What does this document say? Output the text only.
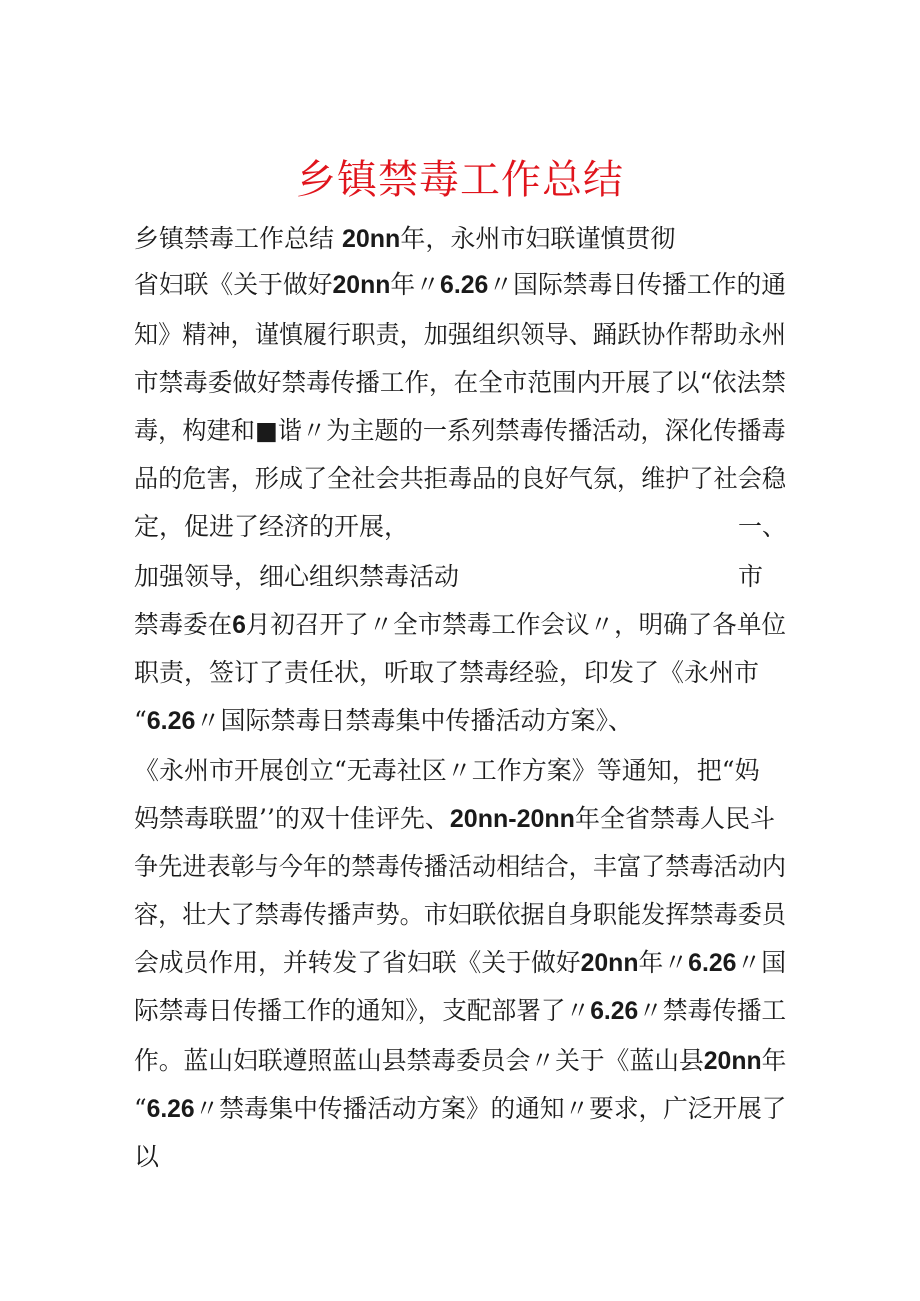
乡镇禁毒工作总结
乡镇禁毒工作总结 20nn年，永州市妇联谨慎贯彻
省妇联《关于做好20nn年〃6.26〃国际禁毒日传播工作的通
知》精神，谨慎履行职责，加强组织领导、踊跃协作帮助永州
市禁毒委做好禁毒传播工作，在全市范围内开展了以“依法禁
毒，构建和■谐〃为主题的一系列禁毒传播活动，深化传播毒
品的危害，形成了全社会共拒毒品的良好气氛，维护了社会稳
定，促进了经济的开展，	一、
加强领导，细心组织禁毒活动	市
禁毒委在6月初召开了〃全市禁毒工作会议〃，明确了各单位
职责，签订了责任状，听取了禁毒经验，印发了《永州市
“6.26〃国际禁毒日禁毒集中传播活动方案》、
《永州市开展创立“无毒社区〃工作方案》等通知，把“妈
妈禁毒联盟’’的双十佳评先、20nn-20nn年全省禁毒人民斗
争先进表彰与今年的禁毒传播活动相结合，丰富了禁毒活动内
容，壮大了禁毒传播声势。市妇联依据自身职能发挥禁毒委员
会成员作用，并转发了省妇联《关于做好20nn年〃6.26〃国
际禁毒日传播工作的通知》，支配部署了〃6.26〃禁毒传播工
作。蓝山妇联遵照蓝山县禁毒委员会〃关于《蓝山县20nn年
“6.26〃禁毒集中传播活动方案》的通知〃要求，广泛开展了
以
